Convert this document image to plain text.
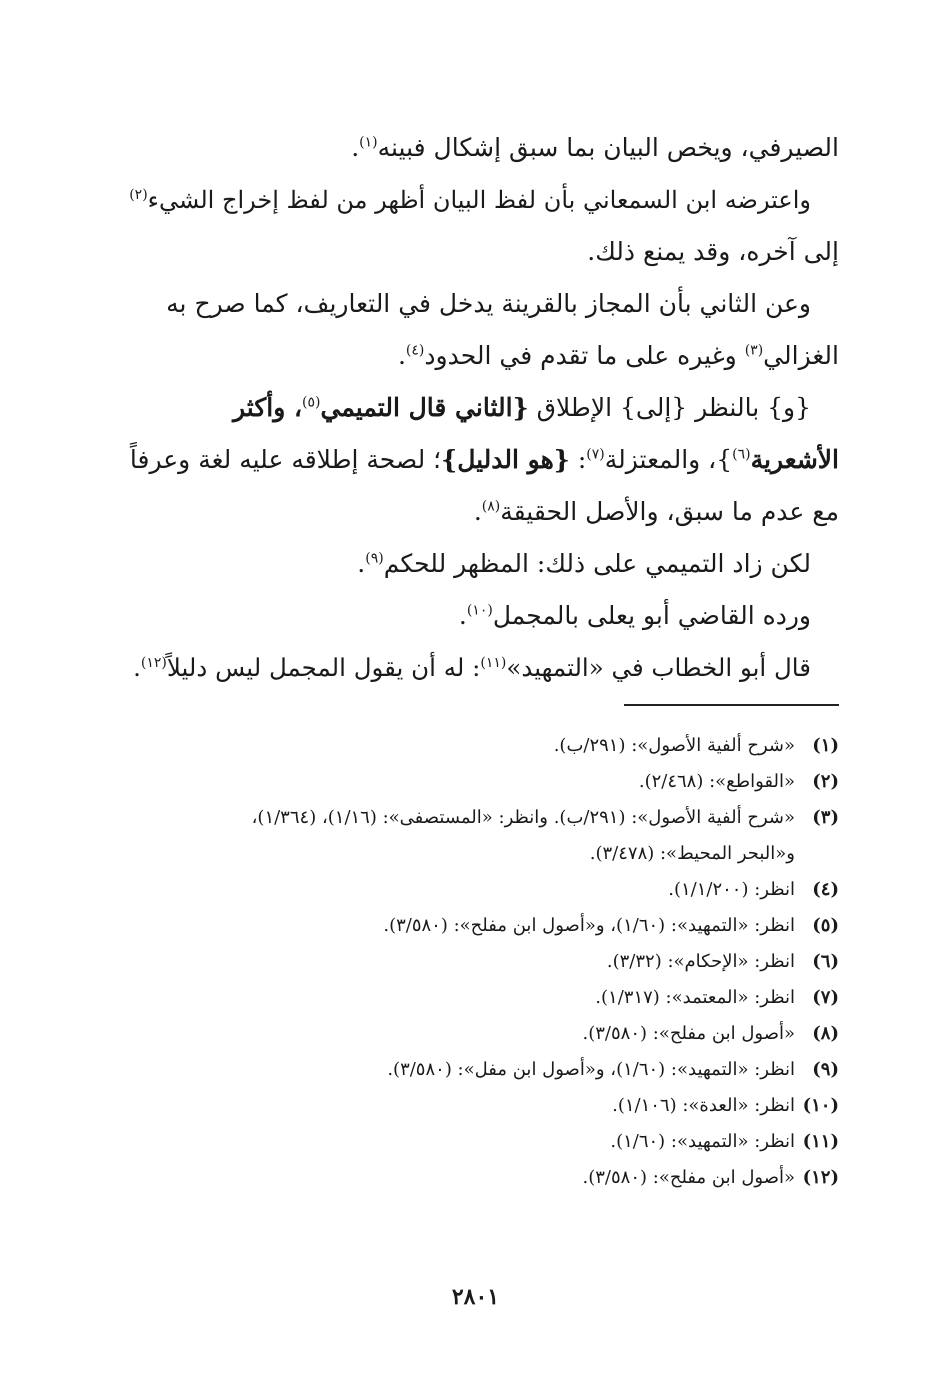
الصيرفي، ويخص البيان بما سبق إشكال فبينه$^{(١)}$.
واعترضه ابن السمعاني بأن لفظ البيان أظهر من لفظ إخراج الشيء$^{(٢)}$
إلى آخره، وقد يمنع ذلك.
وعن الثاني بأن المجاز بالقرينة يدخل في التعاريف، كما صرح به
الغزالي$^{(٣)}$ وغيره على ما تقدم في الحدود$^{(٤)}$.
{و} بالنظر {إلى} الإطلاق {الثاني قال التميمي$^{(٥)}$، وأكثر
الأشعرية$^{(٦)}$}، والمعتزلة$^{(٧)}$: {هو الدليل}؛ لصحة إطلاقه عليه لغة وعرفاً
مع عدم ما سبق، والأصل الحقيقة$^{(٨)}$.
لكن زاد التميمي على ذلك: المظهر للحكم$^{(٩)}$.
ورده القاضي أبو يعلى بالمجمل$^{(١٠)}$.
قال أبو الخطاب في «التمهيد»$^{(١١)}$: له أن يقول المجمل ليس دليلاً$^{(١٢)}$.
(١)«شرح ألفية الأصول»: (٢٩١/ب).
(٢)«القواطع»: (٢/٤٦٨).
(٣)«شرح ألفية الأصول»: (٢٩١/ب). وانظر: «المستصفى»: (١/١٦)، (١/٣٦٤)،
و«البحر المحيط»: (٣/٤٧٨).
(٤)انظر: (١/١/٢٠٠).
(٥)انظر: «التمهيد»: (١/٦٠)، و«أصول ابن مفلح»: (٣/٥٨٠).
(٦)انظر: «الإحكام»: (٣/٣٢).
(٧)انظر: «المعتمد»: (١/٣١٧).
(٨)«أصول ابن مفلح»: (٣/٥٨٠).
(٩)انظر: «التمهيد»: (١/٦٠)، و«أصول ابن مفل»: (٣/٥٨٠).
(١٠)انظر: «العدة»: (١/١٠٦).
(١١)انظر: «التمهيد»: (١/٦٠).
(١٢)«أصول ابن مفلح»: (٣/٥٨٠).
٢٨٠١
